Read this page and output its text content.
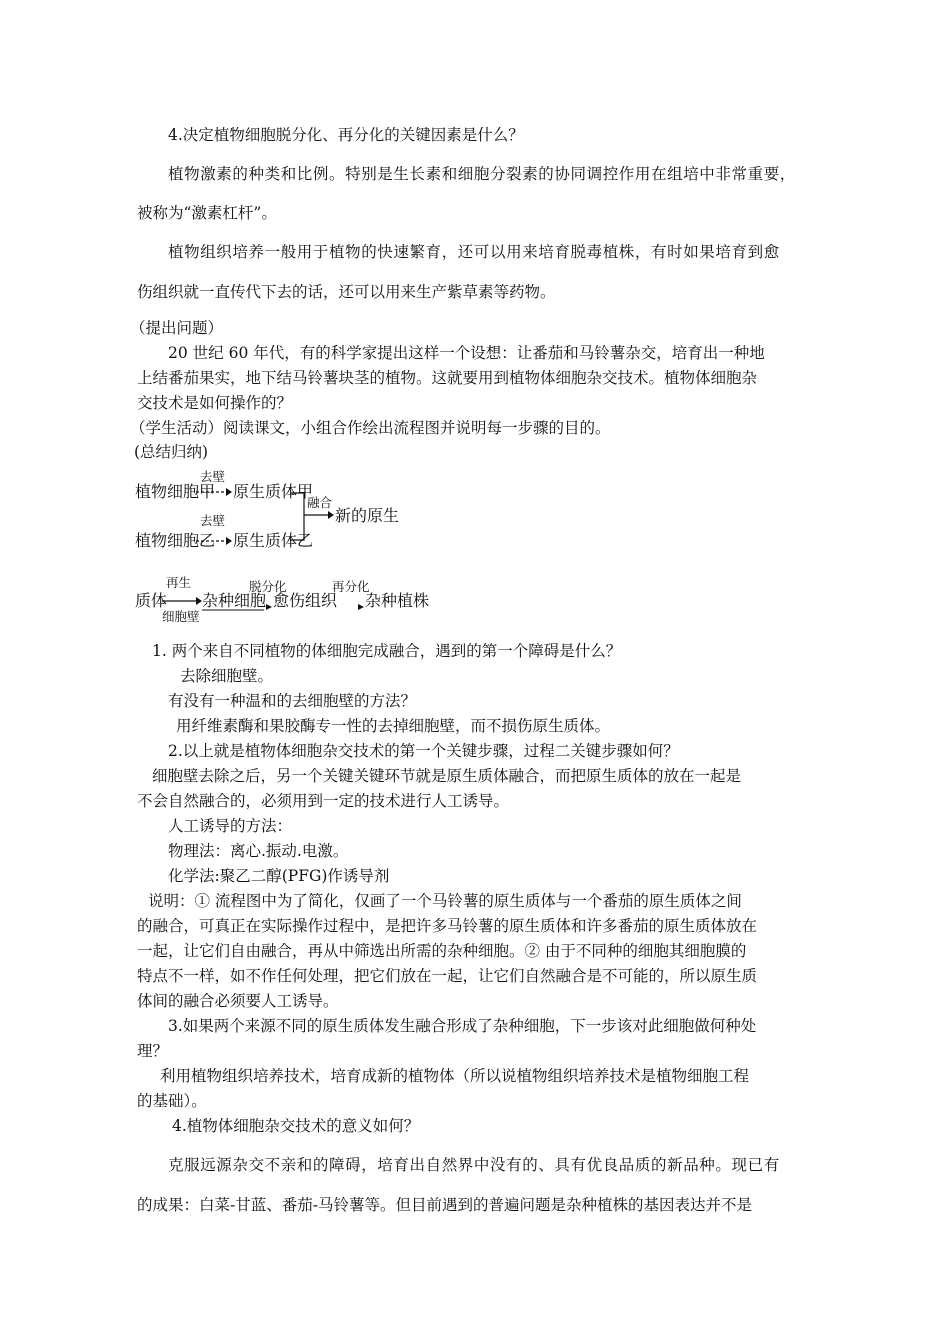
4.决定植物细胞脱分化、再分化的关键因素是什么？
植物激素的种类和比例。特别是生长素和细胞分裂素的协同调控作用在组培中非常重要，
被称为“激素杠杆”。
植物组织培养一般用于植物的快速繁育，还可以用来培育脱毒植株，有时如果培育到愈
伤组织就一直传代下去的话，还可以用来生产紫草素等药物。
（提出问题）
20 世纪 60 年代，有的科学家提出这样一个设想：让番茄和马铃薯杂交，培育出一种地
上结番茄果实，地下结马铃薯块茎的植物。这就要用到植物体细胞杂交技术。植物体细胞杂
交技术是如何操作的？
（学生活动）阅读课文，小组合作绘出流程图并说明每一步骤的目的。
(总结归纳)
植物细胞甲
去壁
原生质体甲
植物细胞乙
去壁
原生质体乙
融合
新的原生
质体
再生
细胞壁
杂种细胞
脱分化
愈伤组织
再分化
杂种植株
1. 两个来自不同植物的体细胞完成融合，遇到的第一个障碍是什么？
去除细胞壁。
有没有一种温和的去细胞壁的方法？
用纤维素酶和果胶酶专一性的去掉细胞壁，而不损伤原生质体。
2.以上就是植物体细胞杂交技术的第一个关键步骤，过程二关键步骤如何？
细胞壁去除之后，另一个关键关键环节就是原生质体融合，而把原生质体的放在一起是
不会自然融合的，必须用到一定的技术进行人工诱导。
人工诱导的方法：
物理法：离心.振动.电激。
化学法:聚乙二醇(PFG)作诱导剂
说明：① 流程图中为了简化，仅画了一个马铃薯的原生质体与一个番茄的原生质体之间
的融合，可真正在实际操作过程中，是把许多马铃薯的原生质体和许多番茄的原生质体放在
一起，让它们自由融合，再从中筛选出所需的杂种细胞。② 由于不同种的细胞其细胞膜的
特点不一样，如不作任何处理，把它们放在一起，让它们自然融合是不可能的，所以原生质
体间的融合必须要人工诱导。
3.如果两个来源不同的原生质体发生融合形成了杂种细胞，下一步该对此细胞做何种处
理？
利用植物组织培养技术，培育成新的植物体（所以说植物组织培养技术是植物细胞工程
的基础）。
4.植物体细胞杂交技术的意义如何？
克服远源杂交不亲和的障碍，培育出自然界中没有的、具有优良品质的新品种。现已有
的成果：白菜-甘蓝、番茄-马铃薯等。但目前遇到的普遍问题是杂种植株的基因表达并不是
